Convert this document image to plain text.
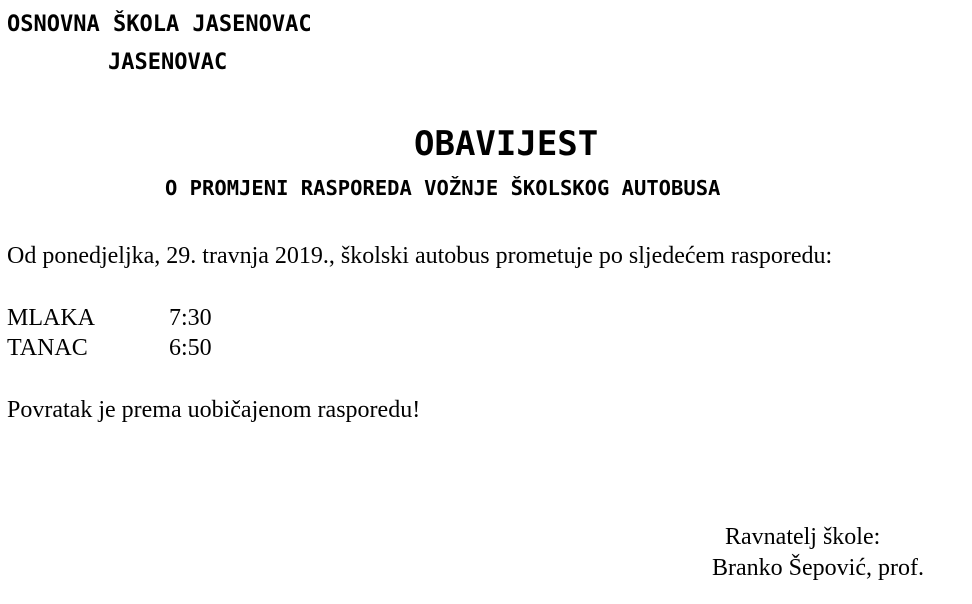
OSNOVNA ŠKOLA JASENOVAC
JASENOVAC
OBAVIJEST
O PROMJENI RASPOREDA VOŽNJE ŠKOLSKOG AUTOBUSA
Od ponedjeljka, 29. travnja 2019., školski autobus prometuje po sljedećem rasporedu:
MLAKA	7:30
TANAC	6:50
Povratak je prema uobičajenom rasporedu!
Ravnatelj škole:
Branko Šepović, prof.
